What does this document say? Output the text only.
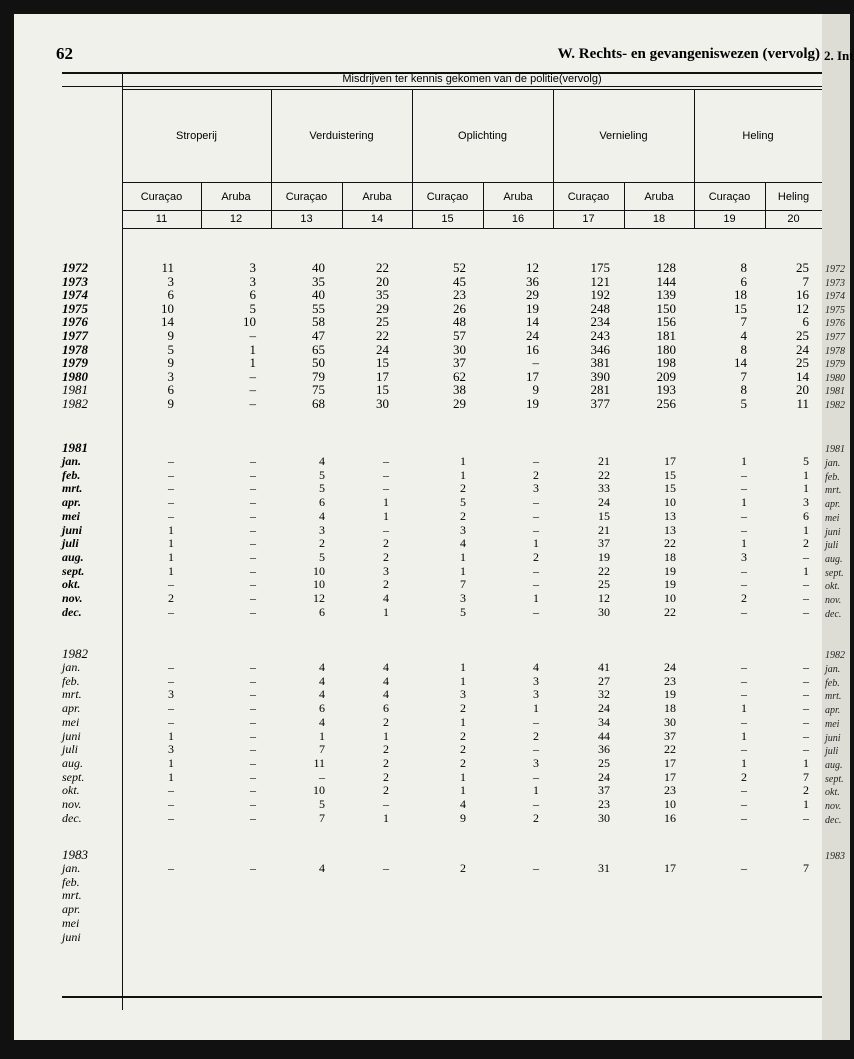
62	W. Rechts- en gevangeniswezen (vervolg)
Misdrijven ter kennis gekomen van de politie(vervolg)
Stroperij	Verduistering	Oplichting	Vernieling	Heling
Curaçao	Aruba	Curaçao	Aruba	Curaçao	Aruba	Curaçao	Aruba	Curaçao	Heling
11	12	13	14	15	16	17	18	19	20
1972	11	3	40	22	52	12	175	128	8	25
1973	3	3	35	20	45	36	121	144	6	7
1974	6	6	40	35	23	29	192	139	18	16
1975	10	5	55	29	26	19	248	150	15	12
1976	14	10	58	25	48	14	234	156	7	6
1977	9	–	47	22	57	24	243	181	4	25
1978	5	1	65	24	30	16	346	180	8	24
1979	9	1	50	15	37	–	381	198	14	25
1980	3	–	79	17	62	17	390	209	7	14
1981	6	–	75	15	38	9	281	193	8	20
1982	9	–	68	30	29	19	377	256	5	11
1981
jan.	–	–	4	–	1	–	21	17	1	5
feb.	–	–	5	–	1	2	22	15	–	1
mrt.	–	–	5	–	2	3	33	15	–	1
apr.	–	–	6	1	5	–	24	10	1	3
mei	–	–	4	1	2	–	15	13	–	6
juni	1	–	3	–	3	–	21	13	–	1
juli	1	–	2	2	4	1	37	22	1	2
aug.	1	–	5	2	1	2	19	18	3	–
sept.	1	–	10	3	1	–	22	19	–	1
okt.	–	–	10	2	7	–	25	19	–	–
nov.	2	–	12	4	3	1	12	10	2	–
dec.	–	–	6	1	5	–	30	22	–	–
1982
jan.	–	–	4	4	1	4	41	24	–	–
feb.	–	–	4	4	1	3	27	23	–	–
mrt.	3	–	4	4	3	3	32	19	–	–
apr.	–	–	6	6	2	1	24	18	1	–
mei	–	–	4	2	1	–	34	30	–	–
juni	1	–	1	1	2	2	44	37	1	–
juli	3	–	7	2	2	–	36	22	–	–
aug.	1	–	11	2	2	3	25	17	1	1
sept.	1	–	–	2	1	–	24	17	2	7
okt.	–	–	10	2	1	1	37	23	–	2
nov.	–	–	5	–	4	–	23	10	–	1
dec.	–	–	7	1	9	2	30	16	–	–
1983
jan.	–	–	4	–	2	–	31	17	–	7
feb.
mrt.
apr.
mei
juni
2. Int
1972
1973
1974
1975
1976
1977
1978
1979
1980
1981
1982
1981
jan.
feb.
mrt.
apr.
mei
juni
juli
aug.
sept.
okt.
nov.
dec.
1982
jan.
feb.
mrt.
apr.
mei
juni
juli
aug.
sept.
okt.
nov.
dec.
1983
